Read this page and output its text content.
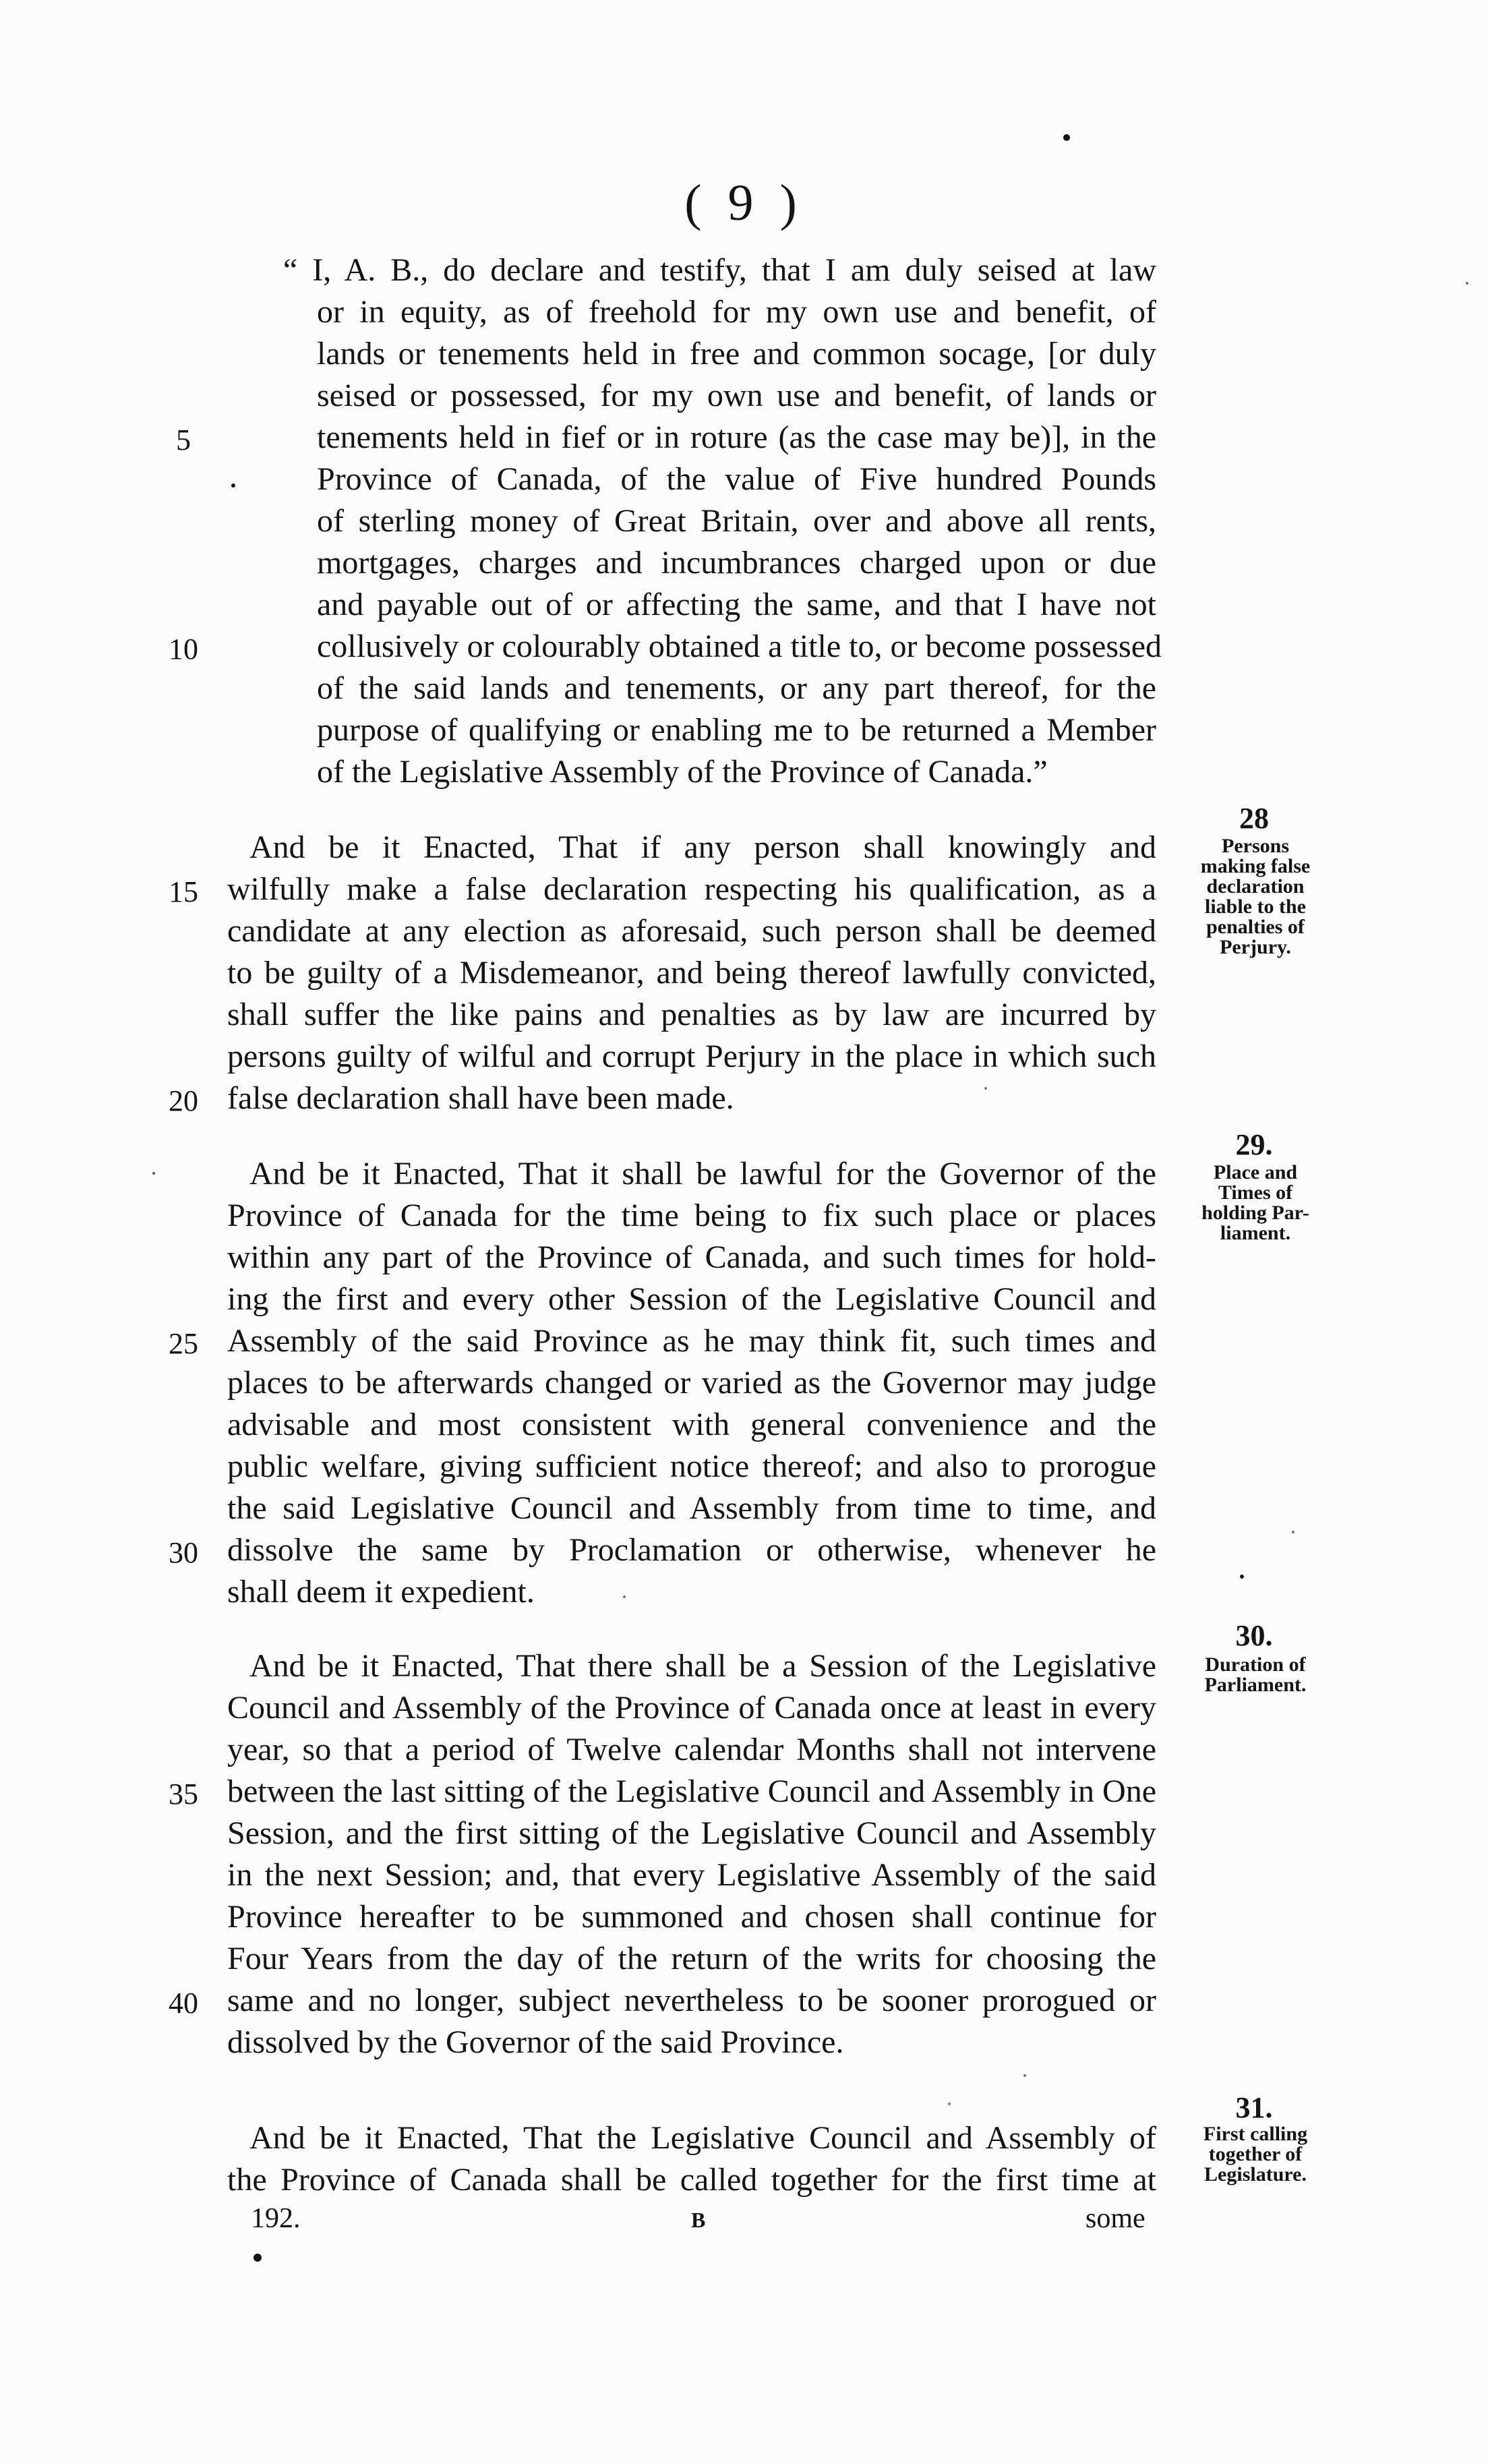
( 9 )
“ I, A. B., do declare and testify, that I am duly seised at law
or in equity, as of freehold for my own use and benefit, of
lands or tenements held in free and common socage, [or duly
seised or possessed, for my own use and benefit, of lands or
tenements held in fief or in roture (as the case may be)], in the
Province of Canada, of the value of Five hundred Pounds
of sterling money of Great Britain, over and above all rents,
mortgages, charges and incumbrances charged upon or due
and payable out of or affecting the same, and that I have not
collusively or colourably obtained a title to, or become possessed
of the said lands and tenements, or any part thereof, for the
purpose of qualifying or enabling me to be returned a Member
of the Legislative Assembly of the Province of Canada.”
And be it Enacted, That if any person shall knowingly and
wilfully make a false declaration respecting his qualification, as a
candidate at any election as aforesaid, such person shall be deemed
to be guilty of a Misdemeanor, and being thereof lawfully convicted,
shall suffer the like pains and penalties as by law are incurred by
persons guilty of wilful and corrupt Perjury in the place in which such
false declaration shall have been made.
And be it Enacted, That it shall be lawful for the Governor of the
Province of Canada for the time being to fix such place or places
within any part of the Province of Canada, and such times for hold-
ing the first and every other Session of the Legislative Council and
Assembly of the said Province as he may think fit, such times and
places to be afterwards changed or varied as the Governor may judge
advisable and most consistent with general convenience and the
public welfare, giving sufficient notice thereof; and also to prorogue
the said Legislative Council and Assembly from time to time, and
dissolve the same by Proclamation or otherwise, whenever he
shall deem it expedient.
And be it Enacted, That there shall be a Session of the Legislative
Council and Assembly of the Province of Canada once at least in every
year, so that a period of Twelve calendar Months shall not intervene
between the last sitting of the Legislative Council and Assembly in One
Session, and the first sitting of the Legislative Council and Assembly
in the next Session; and, that every Legislative Assembly of the said
Province hereafter to be summoned and chosen shall continue for
Four Years from the day of the return of the writs for choosing the
same and no longer, subject nevertheless to be sooner prorogued or
dissolved by the Governor of the said Province.
And be it Enacted, That the Legislative Council and Assembly of
the Province of Canada shall be called together for the first time at
5
10
15
20
25
30
35
40
28
Persons
making false
declaration
liable to the
penalties of
Perjury.
29.
Place and
Times of
holding Par-
liament.
30.
Duration of
Parliament.
31.
First calling
together of
Legislature.
192.	B	some
